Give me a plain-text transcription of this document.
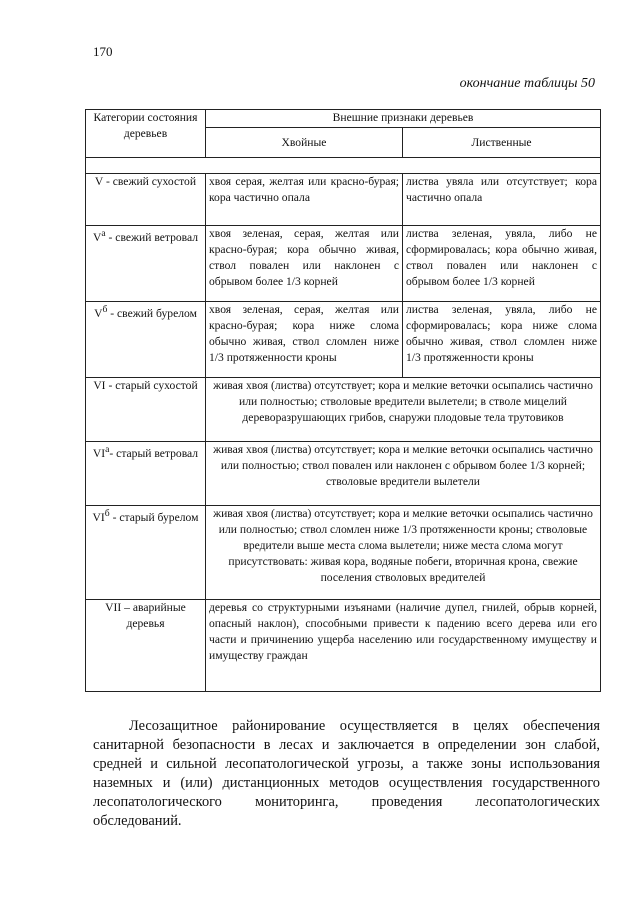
170
окончание таблицы 50
Категории состояния деревьев	Внешние признаки деревьев	
	Хвойные	Лиственные

V - свежий сухостой	хвоя серая, желтая или красно-бурая; кора частично опала	листва увяла или отсутствует; кора частично опала
$V^а$ - свежий ветровал	хвоя зеленая, серая, желтая или красно-бурая; кора обычно живая, ствол повален или наклонен с обрывом более 1/3 корней	листва зеленая, увяла, либо не сформировалась; кора обычно живая, ствол повален или наклонен с обрывом более 1/3 корней
$V^б$ - свежий бурелом	хвоя зеленая, серая, желтая или красно-бурая; кора ниже слома обычно живая, ствол сломлен ниже 1/3 протяженности кроны	листва зеленая, увяла, либо не сформировалась; кора ниже слома обычно живая, ствол сломлен ниже 1/3 протяженности кроны
VI - старый сухостой	живая хвоя (листва) отсутствует; кора и мелкие веточки осыпались частично или полностью; стволовые вредители вылетели; в стволе мицелий дереворазрушающих грибов, снаружи плодовые тела трутовиков	
$VI^а-$ старый ветровал	живая хвоя (листва) отсутствует; кора и мелкие веточки осыпались частично или полностью; ствол повален или наклонен с обрывом более 1/3 корней; стволовые вредители вылетели	
$VI^б$ - старый бурелом	живая хвоя (листва) отсутствует; кора и мелкие веточки осыпались частично или полностью; ствол сломлен ниже 1/3 протяженности кроны; стволовые вредители выше места слома вылетели; ниже места слома могут присутствовать: живая кора, водяные побеги, вторичная крона, свежие поселения стволовых вредителей	
VII – аварийные деревья	деревья со структурными изъянами (наличие дупел, гнилей, обрыв корней, опасный наклон), способными привести к падению всего дерева или его части и причинению ущерба населению или государственному имуществу и имуществу граждан	
Лесозащитное районирование осуществляется в целях обеспечения санитарной безопасности в лесах и заключается в определении зон слабой, средней и сильной лесопатологической угрозы, а также зоны использования наземных и (или) дистанционных методов осуществления государственного лесопатологического мониторинга, проведения лесопатологических обследований.
